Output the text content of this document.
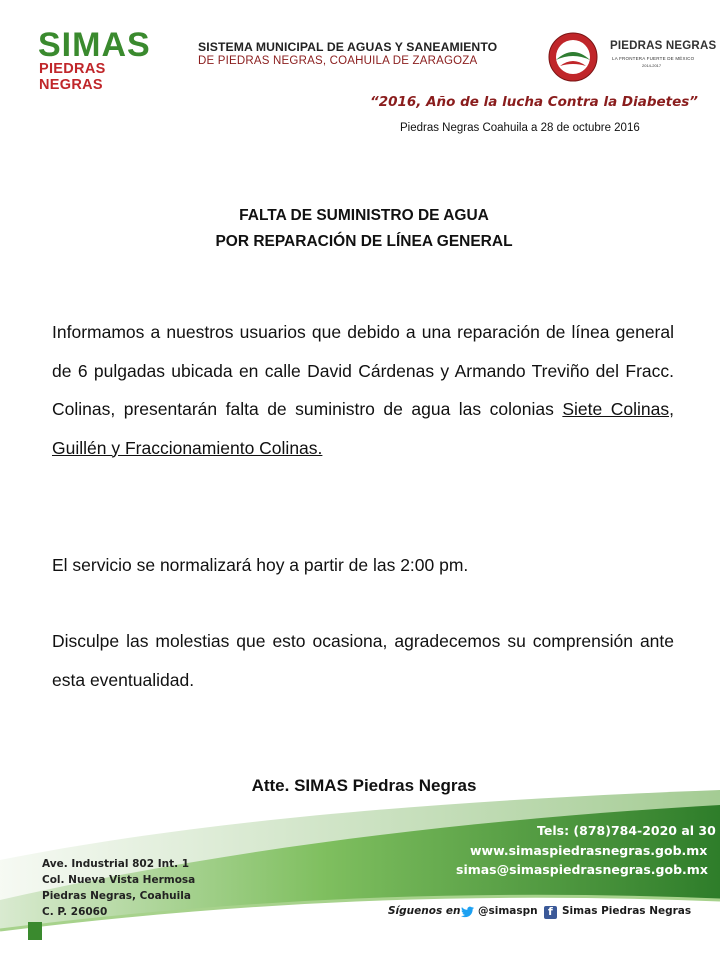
SIMAS
PIEDRAS NEGRAS
SISTEMA MUNICIPAL DE AGUAS Y SANEAMIENTO
DE PIEDRAS NEGRAS, COAHUILA DE ZARAGOZA
PIEDRAS NEGRAS
LA FRONTERA FUERTE DE MÉXICO
2014-2017
“2016, Año de la lucha Contra la Diabetes”
Piedras Negras Coahuila a 28 de octubre 2016
FALTA DE SUMINISTRO DE AGUA
POR REPARACIÓN DE LÍNEA GENERAL
Informamos a nuestros usuarios que debido a una reparación de línea general de 6 pulgadas ubicada en calle David Cárdenas y Armando Treviño del Fracc. Colinas, presentarán falta de suministro de agua las colonias Siete Colinas, Guillén y Fraccionamiento Colinas.
El servicio se normalizará hoy a partir de las 2:00 pm.
Disculpe las molestias que esto ocasiona, agradecemos su comprensión ante esta eventualidad.
Atte. SIMAS Piedras Negras
Ave. Industrial 802 Int. 1
Col. Nueva Vista Hermosa
Piedras Negras, Coahuila
C. P. 26060
Tels: (878)784-2020 al 30
www.simaspiedrasnegras.gob.mx
simas@simaspiedrasnegras.gob.mx
Síguenos en @simaspn f Simas Piedras Negras
